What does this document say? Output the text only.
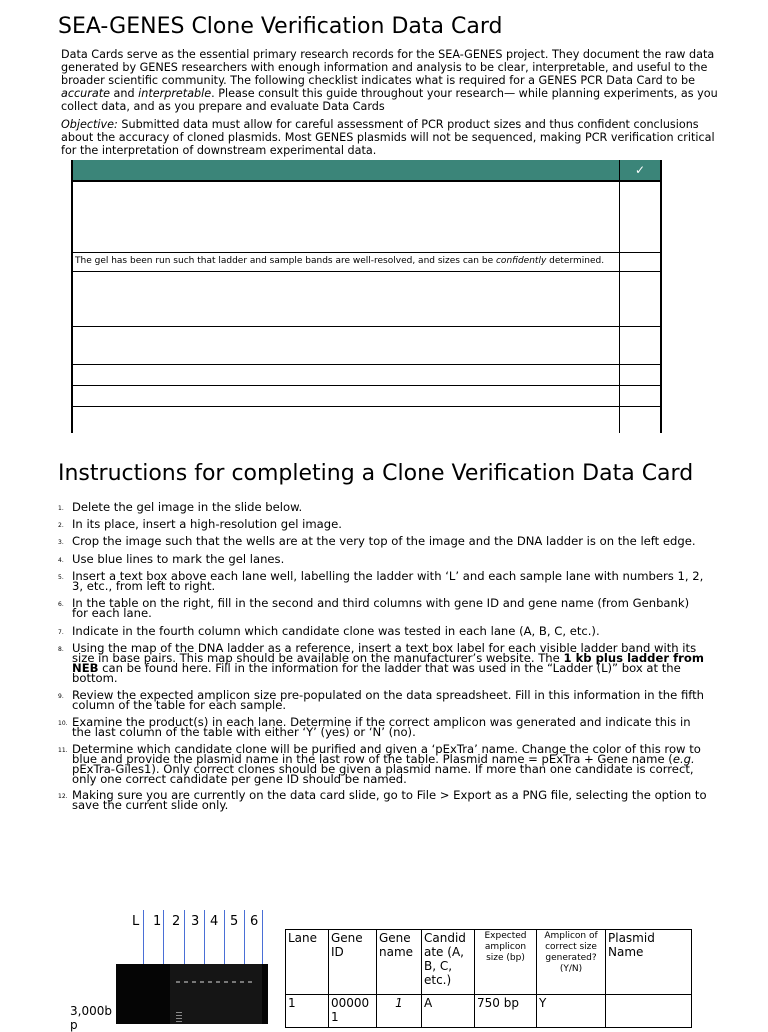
SEA-GENES Clone Verification Data Card

Data Cards serve as the essential primary research records for the SEA-GENES project. They document the raw data generated by GENES researchers with enough information and analysis to be clear, interpretable, and useful to the broader scientific community. The following checklist indicates what is required for a GENES PCR Data Card to be accurate and interpretable. Please consult this guide throughout your research— while planning experiments, as you collect data, and as you prepare and evaluate Data Cards

Objective: Submitted data must allow for careful assessment of PCR product sizes and thus confident conclusions about the accuracy of cloned plasmids. Most GENES plasmids will not be sequenced, making PCR verification critical for the interpretation of downstream experimental data.

✓
The gel has been run such that ladder and sample bands are well-resolved, and sizes can be confidently determined.
Instructions for completing a Clone Verification Data Card
1. Delete the gel image in the slide below.
2. In its place, insert a high-resolution gel image.
3. Crop the image such that the wells are at the very top of the image and the DNA ladder is on the left edge.
4. Use blue lines to mark the gel lanes.
5. Insert a text box above each lane well, labelling the ladder with ‘L’ and each sample lane with numbers 1, 2, 3, etc., from left to right.
6. In the table on the right, fill in the second and third columns with gene ID and gene name (from Genbank) for each lane.
7. Indicate in the fourth column which candidate clone was tested in each lane (A, B, C, etc.).
8. Using the map of the DNA ladder as a reference, insert a text box label for each visible ladder band with its size in base pairs. This map should be available on the manufacturer’s website. The 1 kb plus ladder from NEB can be found here. Fill in the information for the ladder that was used in the “Ladder (L)” box at the bottom.
9. Review the expected amplicon size pre-populated on the data spreadsheet. Fill in this information in the fifth column of the table for each sample.
10. Examine the product(s) in each lane. Determine if the correct amplicon was generated and indicate this in the last column of the table with either ‘Y’ (yes) or ‘N’ (no).
11. Determine which candidate clone will be purified and given a ‘pExTra’ name. Change the color of this row to blue and provide the plasmid name in the last row of the table. Plasmid name = pExTra + Gene name (e.g. pExTra-Giles1). Only correct clones should be given a plasmid name. If more than one candidate is correct, only one correct candidate per gene ID should be named.
12. Making sure you are currently on the data card slide, go to File > Export as a PNG file, selecting the option to save the current slide only.
L 1 2 3 4 5 6
3,000b
p
Lane	Gene ID	Gene name	Candid ate (A, B, C, etc.)	Expected amplicon size (bp)	Amplicon of correct size generated? (Y/N)	Plasmid Name
1	00000 1	1	A	750 bp	Y	
